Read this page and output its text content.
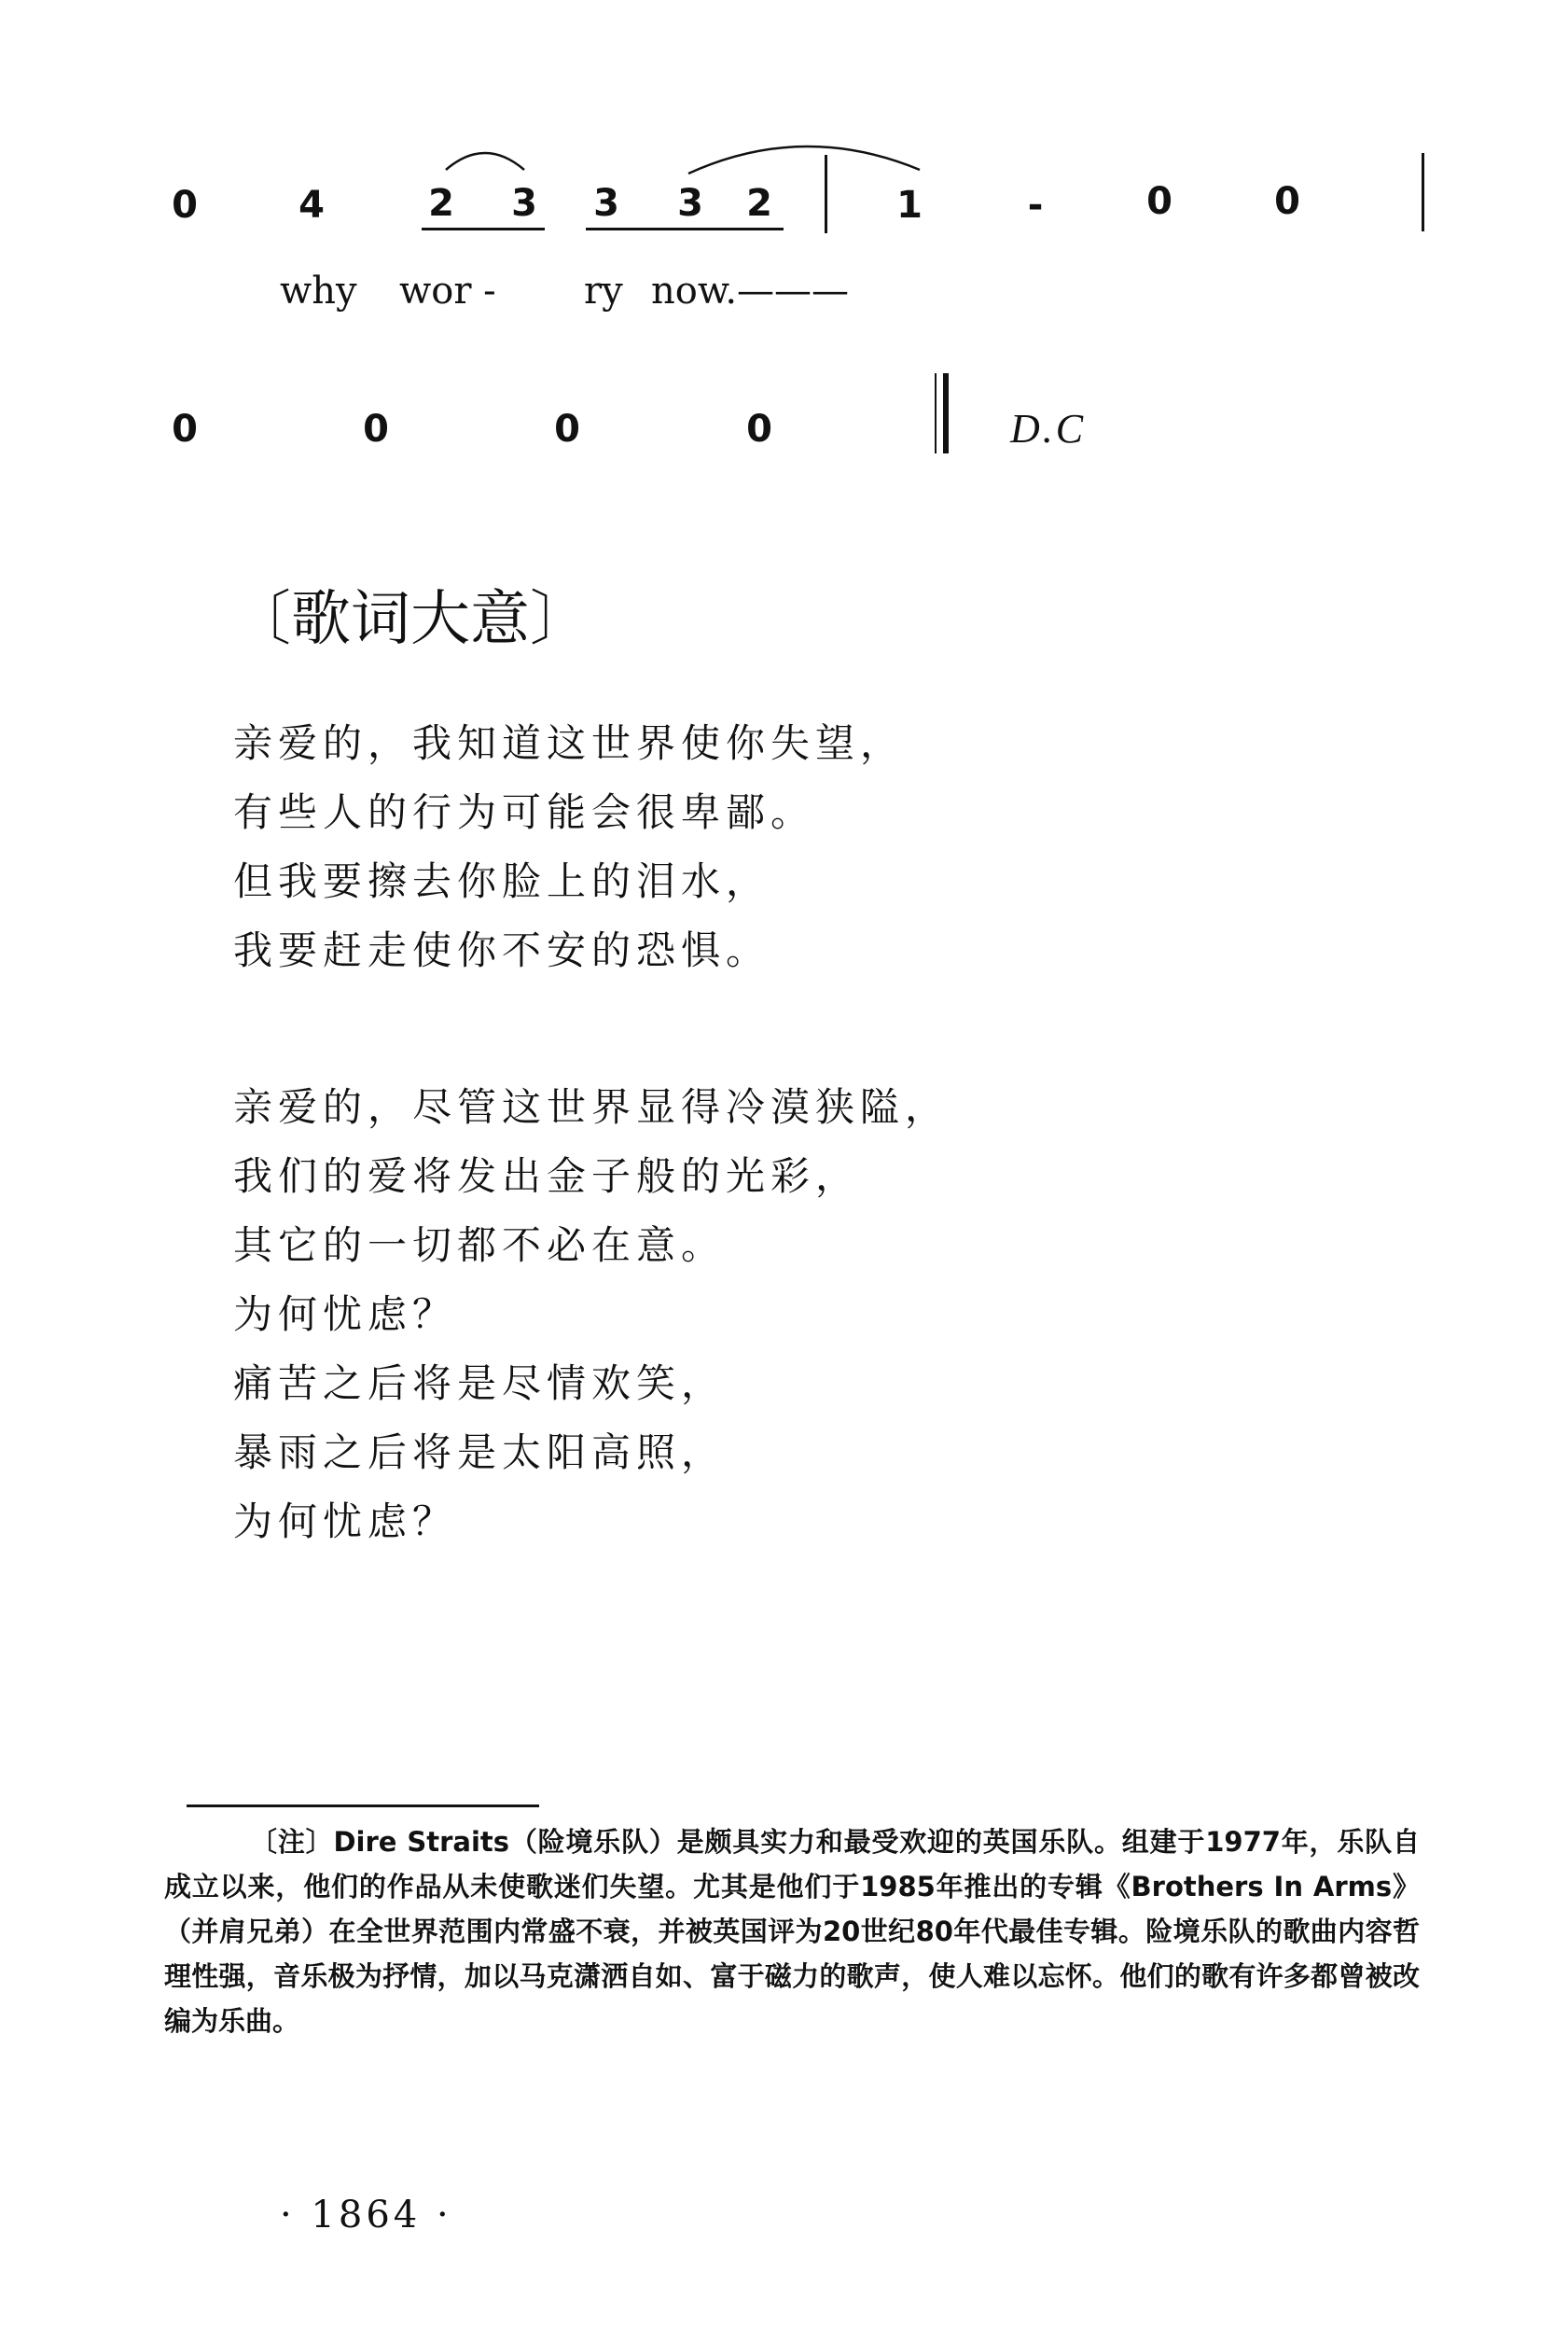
0	4	2 3 3 3 2	1	-	0	0
why wor - ry now.———
0	0	0	0	D.C
〔歌词大意〕
亲爱的，我知道这世界使你失望，
有些人的行为可能会很卑鄙。
但我要擦去你脸上的泪水，
我要赶走使你不安的恐惧。
亲爱的，尽管这世界显得冷漠狭隘，
我们的爱将发出金子般的光彩，
其它的一切都不必在意。
为何忧虑？
痛苦之后将是尽情欢笑，
暴雨之后将是太阳高照，
为何忧虑？

〔注〕Dire Straits（险境乐队）是颇具实力和最受欢迎的英国乐队。组建于1977年，乐队自成立以来，他们的作品从未使歌迷们失望。尤其是他们于1985年推出的专辑《Brothers In Arms》（并肩兄弟）在全世界范围内常盛不衰，并被英国评为20世纪80年代最佳专辑。险境乐队的歌曲内容哲理性强，音乐极为抒情，加以马克潇洒自如、富于磁力的歌声，使人难以忘怀。他们的歌有许多都曾被改编为乐曲。

· 1864 ·
